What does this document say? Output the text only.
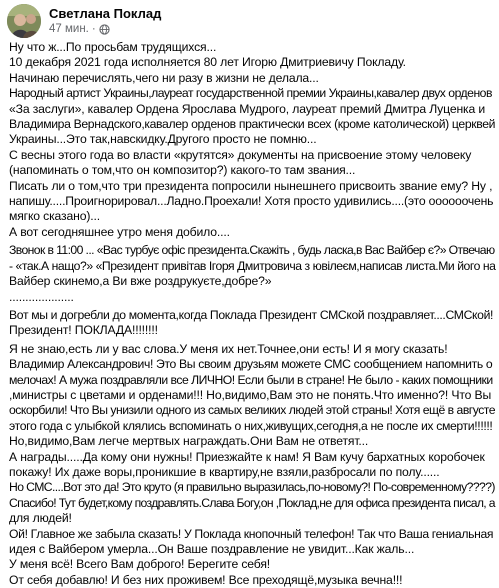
Светлана Поклад
47 мин. ·
Ну что ж...По просьбам трудящихся...
10 декабря 2021 года исполняется 80 лет Игорю Дмитриевичу Покладу.
Начинаю перечислять,чего ни разу в жизни не делала...
Народный артист Украины,лауреат государственной премии Украины,кавалер двух орденов
«За заслуги», кавалер Ордена Ярослава Мудрого, лауреат премий Дмитра Луценка и
Владимира Вернадского,кавалер орденов практически всех (кроме католической) церквей
Украины...Это так,навскидку.Другого просто не помню...
С весны этого года во власти «крутятся» документы на присвоение этому человеку
(напоминать о том,что он композитор?) какого-то там звания...
Писать ли о том,что три президента попросили нынешнего присвоить звание ему? Ну ,
напишу.....Проигнорировал...Ладно.Проехали! Хотя просто удивились....(это оооооочень
мягко сказано)...
А вот сегодняшнее утро меня добило....
Звонок в 11:00 ... «Вас турбує офіс президента.Скажіть , будь ласка,в Вас Вайбер є?» Отвечаю
- «так.А нащо?» «Президент привітав Ігоря Дмитровича з ювілеєм,написав листа.Ми його на
Вайбер скинемо,а Ви вже роздрукуєте,добре?»
....................
Вот мы и догребли до момента,когда Поклада Президент СМСкой поздравляет....СМСкой!
Президент! ПОКЛАДА!!!!!!!!
Я не знаю,есть ли у вас слова.У меня их нет.Точнее,они есть! И я могу сказать!
Владимир Александрович! Это Вы своим друзьям можете СМС сообщением напомнить о
мелочах! А мужа поздравляли все ЛИЧНО! Если были в стране! Не было - каких помощники
,министры с цветами и орденами!!! Но,видимо,Вам это не понять.Что именно?! Что Вы
оскорбили! Что Вы унизили одного из самых великих людей этой страны! Хотя ещё в августе
этого года с улыбкой клялись вспоминать о них,живущих,сегодня,а не после их смерти!!!!!!
Но,видимо,Вам легче мертвых награждать.Они Вам не ответят...
А награды.....Да кому они нужны! Приезжайте к нам! Я Вам кучу бархатных коробочек
покажу! Их даже воры,проникшие в квартиру,не взяли,разбросали по полу......
Но СМС....Вот это да! Это круто (я правильно выразилась,по-новому?! По-современному????)
Спасибо! Тут будет,кому поздравлять.Слава Богу,он ,Поклад,не для офиса президента писал, а
для людей!
Ой! Главное же забыла сказать! У Поклада кнопочный телефон! Так что Ваша гениальная
идея с Вайбером умерла...Он Ваше поздравление не увидит...Как жаль...
У меня всё! Всего Вам доброго! Берегите себя!
От себя добавлю! И без них проживем! Все преходящё,музыка вечна!!!
